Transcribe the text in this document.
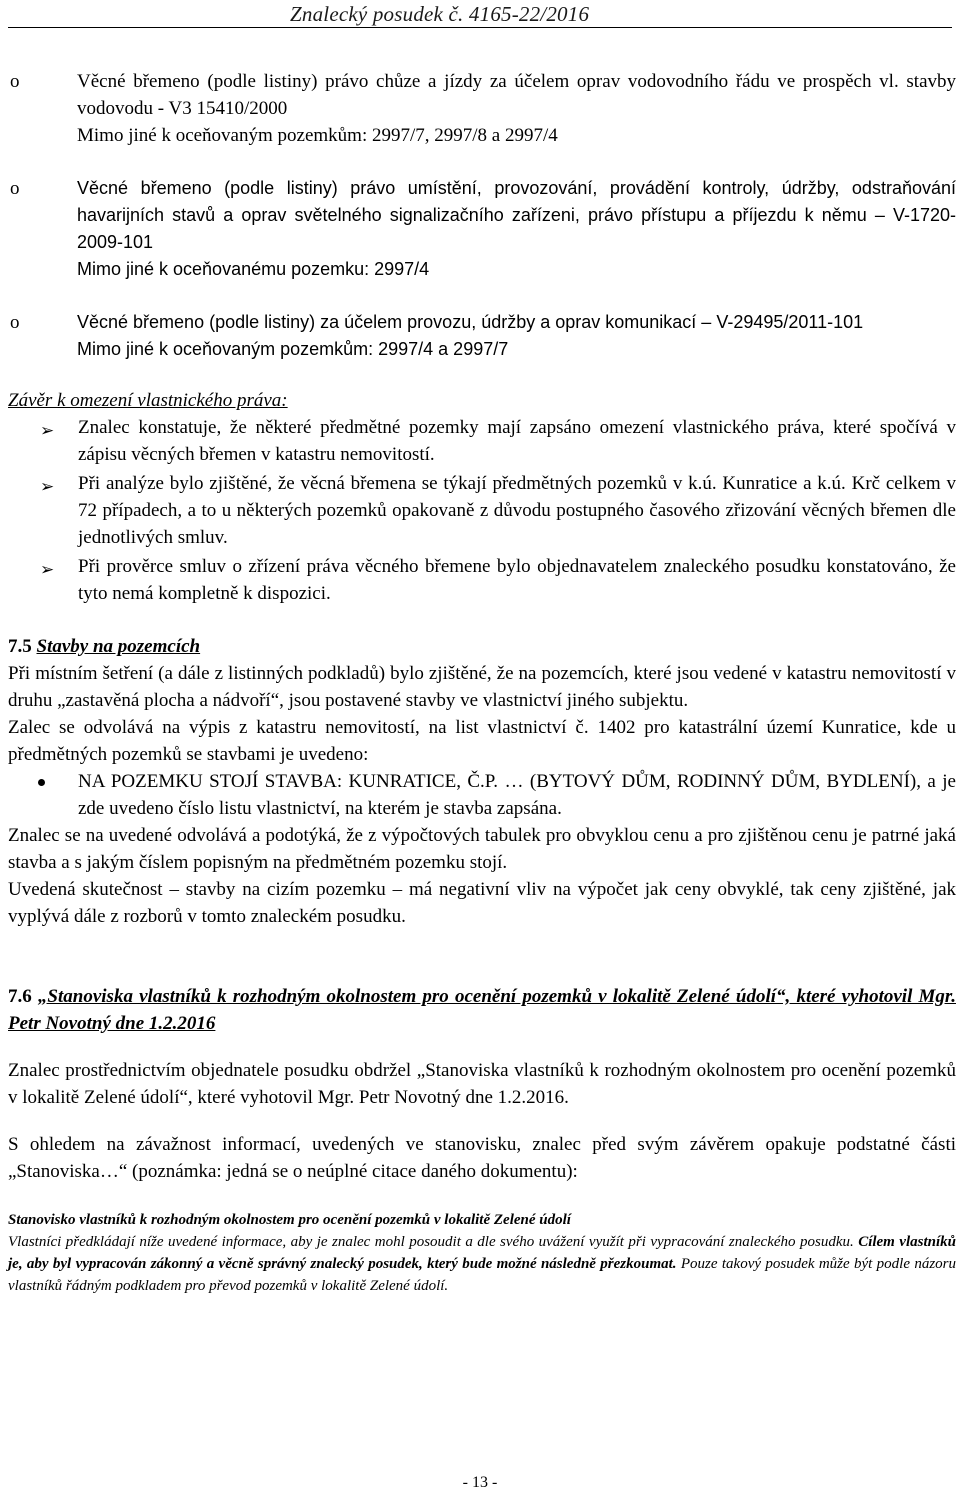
Znalecký posudek č. 4165-22/2016
o	Věcné břemeno (podle listiny) právo chůze a jízdy za účelem oprav vodovodního řádu ve prospěch vl. stavby vodovodu - V3 15410/2000

Mimo jiné k oceňovaným pozemkům: 2997/7, 2997/8 a 2997/4

o	Věcné břemeno (podle listiny) právo umístění, provozování, provádění kontroly, údržby, odstraňování havarijních stavů a oprav světelného signalizačního zařízeni, právo přístupu a příjezdu k němu – V-1720-2009-101

Mimo jiné k oceňovanému pozemku: 2997/4

o	Věcné břemeno (podle listiny) za účelem provozu, údržby a oprav komunikací – V-29495/2011-101

Mimo jiné k oceňovaným pozemkům: 2997/4 a 2997/7

Závěr k omezení vlastnického práva:

➢ Znalec konstatuje, že některé předmětné pozemky mají zapsáno omezení vlastnického práva, které spočívá v zápisu věcných břemen v katastru nemovitostí.
➢ Při analýze bylo zjištěné, že věcná břemena se týkají předmětných pozemků v k.ú. Kunratice a k.ú. Krč celkem v 72 případech, a to u některých pozemků opakovaně z důvodu postupného časového zřizování věcných břemen dle jednotlivých smluv.
➢ Při prověrce smluv o zřízení práva věcného břemene bylo objednavatelem znaleckého posudku konstatováno, že tyto nemá kompletně k dispozici.

7.5 Stavby na pozemcích

Při místním šetření (a dále z listinných podkladů) bylo zjištěné, že na pozemcích, které jsou vedené v katastru nemovitostí v druhu „zastavěná plocha a nádvoří“, jsou postavené stavby ve vlastnictví jiného subjektu.

Zalec se odvolává na výpis z katastru nemovitostí, na list vlastnictví č. 1402 pro katastrální území Kunratice, kde u předmětných pozemků se stavbami je uvedeno:

NA POZEMKU STOJÍ STAVBA: KUNRATICE, Č.P. … (BYTOVÝ DŮM, RODINNÝ DŮM, BYDLENÍ), a je zde uvedeno číslo listu vlastnictví, na kterém je stavba zapsána.

Znalec se na uvedené odvolává a podotýká, že z výpočtových tabulek pro obvyklou cenu a pro zjištěnou cenu je patrné jaká stavba a s jakým číslem popisným na předmětném pozemku stojí.

Uvedená skutečnost – stavby na cizím pozemku – má negativní vliv na výpočet jak ceny obvyklé, tak ceny zjištěné, jak vyplývá dále z rozborů v tomto znaleckém posudku.

7.6 „Stanoviska vlastníků k rozhodným okolnostem pro ocenění pozemků v lokalitě Zelené údolí“, které vyhotovil Mgr. Petr Novotný dne 1.2.2016

Znalec prostřednictvím objednatele posudku obdržel „Stanoviska vlastníků k rozhodným okolnostem pro ocenění pozemků v lokalitě Zelené údolí“, které vyhotovil Mgr. Petr Novotný dne 1.2.2016.

S ohledem na závažnost informací, uvedených ve stanovisku, znalec před svým závěrem opakuje podstatné části „Stanoviska…“ (poznámka: jedná se o neúplné citace daného dokumentu):

Stanovisko vlastníků k rozhodným okolnostem pro ocenění pozemků v lokalitě Zelené údolí

Vlastníci předkládají níže uvedené informace, aby je znalec mohl posoudit a dle svého uvážení využít při vypracování znaleckého posudku. Cílem vlastníků je, aby byl vypracován zákonný a věcně správný znalecký posudek, který bude možné následně přezkoumat. Pouze takový posudek může být podle názoru vlastníků řádným podkladem pro převod pozemků v lokalitě Zelené údolí.

- 13 -
